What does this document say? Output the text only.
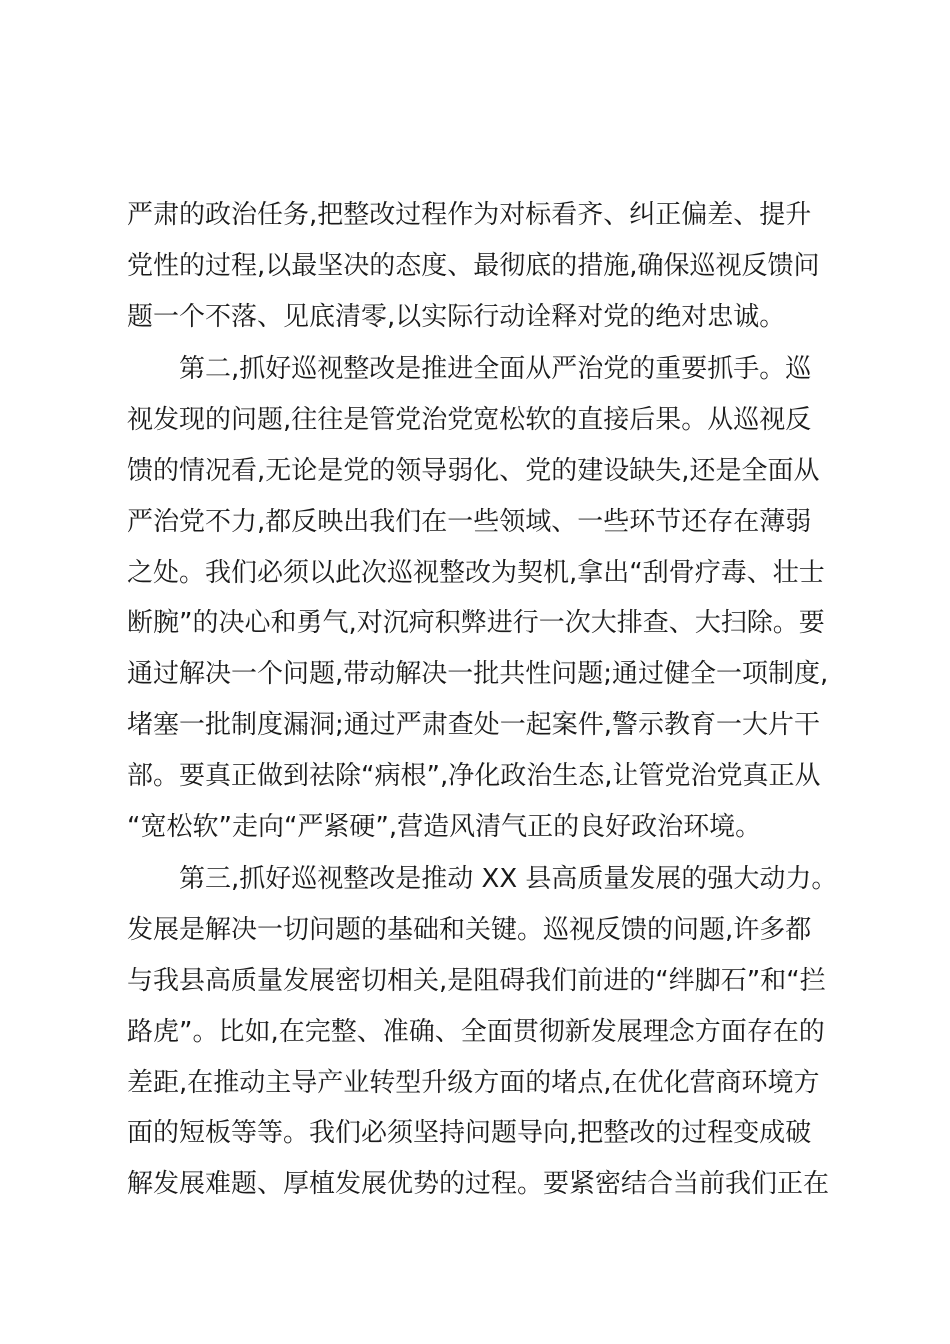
严肃的政治任务,把整改过程作为对标看齐、纠正偏差、提升
党性的过程,以最坚决的态度、最彻底的措施,确保巡视反馈问
题一个不落、见底清零,以实际行动诠释对党的绝对忠诚。
第二,抓好巡视整改是推进全面从严治党的重要抓手。巡
视发现的问题,往往是管党治党宽松软的直接后果。从巡视反
馈的情况看,无论是党的领导弱化、党的建设缺失,还是全面从
严治党不力,都反映出我们在一些领域、一些环节还存在薄弱
之处。我们必须以此次巡视整改为契机,拿出“刮骨疗毒、壮士
断腕”的决心和勇气,对沉疴积弊进行一次大排查、大扫除。要
通过解决一个问题,带动解决一批共性问题;通过健全一项制度,
堵塞一批制度漏洞;通过严肃查处一起案件,警示教育一大片干
部。要真正做到祛除“病根”,净化政治生态,让管党治党真正从
“宽松软”走向“严紧硬”,营造风清气正的良好政治环境。
第三,抓好巡视整改是推动 XX 县高质量发展的强大动力。
发展是解决一切问题的基础和关键。巡视反馈的问题,许多都
与我县高质量发展密切相关,是阻碍我们前进的“绊脚石”和“拦
路虎”。比如,在完整、准确、全面贯彻新发展理念方面存在的
差距,在推动主导产业转型升级方面的堵点,在优化营商环境方
面的短板等等。我们必须坚持问题导向,把整改的过程变成破
解发展难题、厚植发展优势的过程。要紧密结合当前我们正在
